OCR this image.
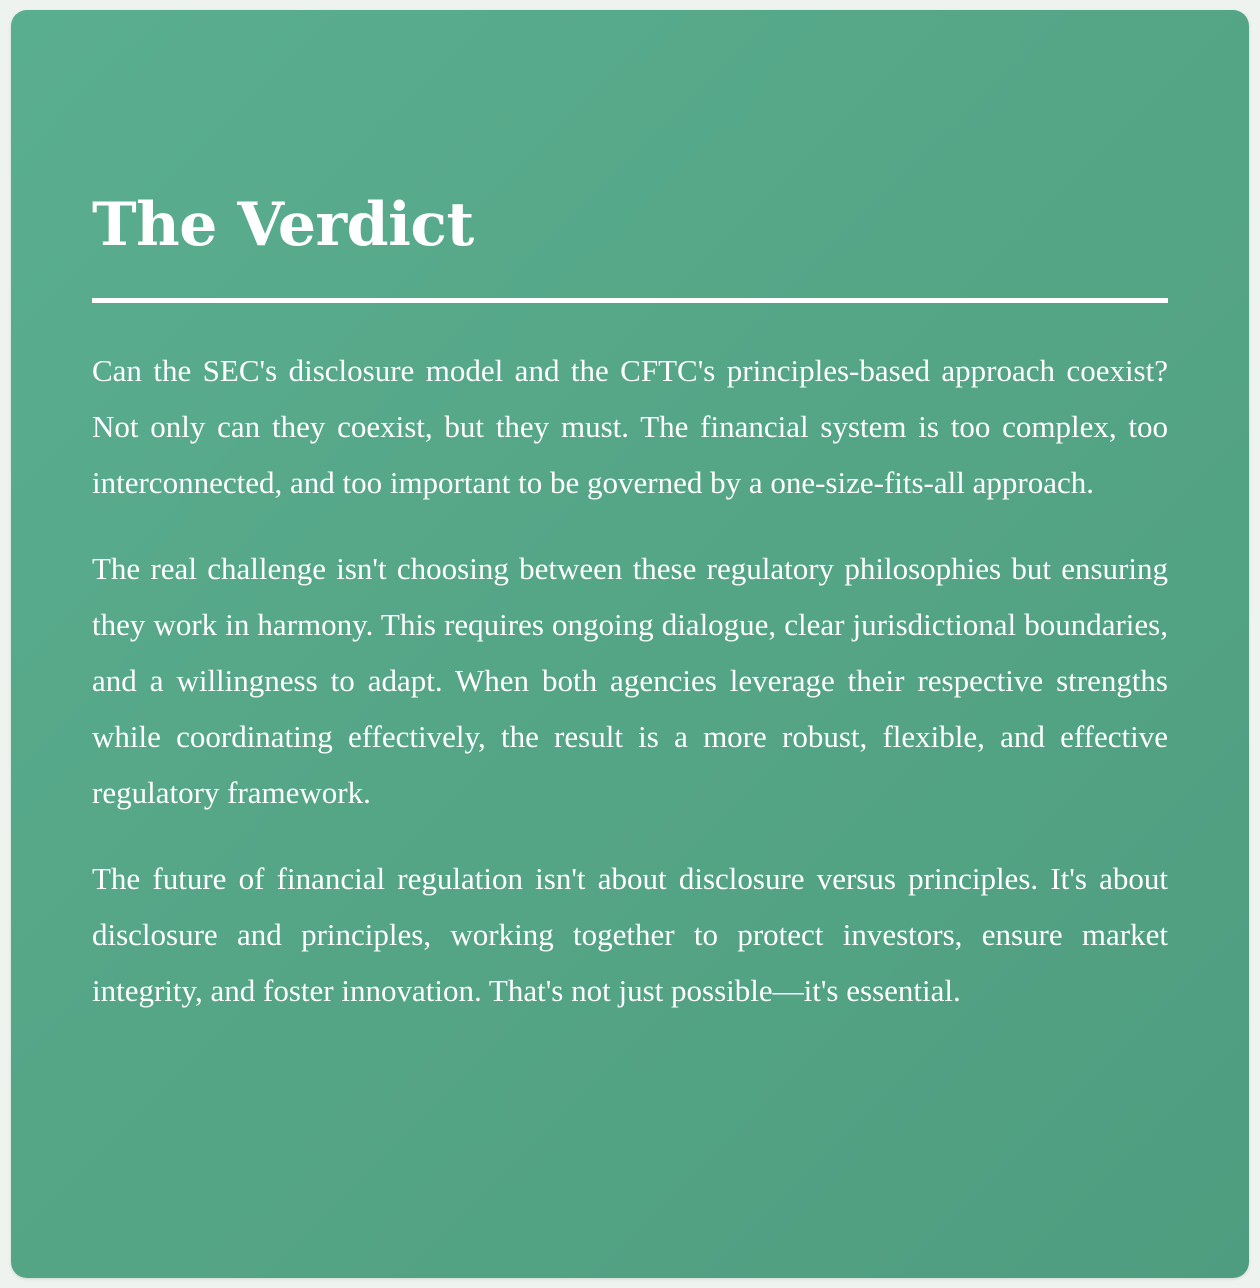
The Verdict

Can the SEC's disclosure model and the CFTC's principles-based approach coexist? Not only can they coexist, but they must. The financial system is too complex, too interconnected, and too important to be governed by a one-size-fits-all approach.

The real challenge isn't choosing between these regulatory philosophies but ensuring they work in harmony. This requires ongoing dialogue, clear jurisdictional boundaries, and a willingness to adapt. When both agencies leverage their respective strengths while coordinating effectively, the result is a more robust, flexible, and effective regulatory framework.

The future of financial regulation isn't about disclosure versus principles. It's about disclosure and principles, working together to protect investors, ensure market integrity, and foster innovation. That's not just possible—it's essential.
